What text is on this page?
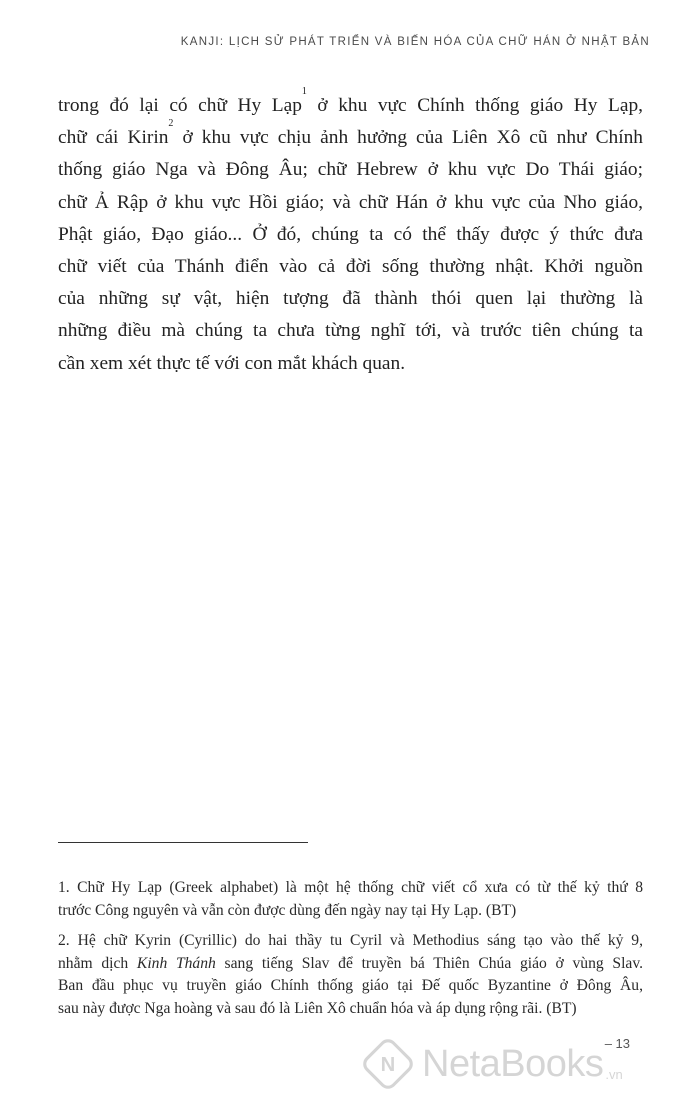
KANJI: LỊCH SỬ PHÁT TRIỂN VÀ BIẾN HÓA CỦA CHỮ HÁN Ở NHẬT BẢN
trong đó lại có chữ Hy Lạp$^1$ ở khu vực Chính thống giáo Hy Lạp,
chữ cái Kirin$^2$ ở khu vực chịu ảnh hưởng của Liên Xô cũ như Chính
thống giáo Nga và Đông Âu; chữ Hebrew ở khu vực Do Thái giáo;
chữ Ả Rập ở khu vực Hồi giáo; và chữ Hán ở khu vực của Nho giáo,
Phật giáo, Đạo giáo... Ở đó, chúng ta có thể thấy được ý thức đưa
chữ viết của Thánh điển vào cả đời sống thường nhật. Khởi nguồn
của những sự vật, hiện tượng đã thành thói quen lại thường là
những điều mà chúng ta chưa từng nghĩ tới, và trước tiên chúng ta
cần xem xét thực tế với con mắt khách quan.
1. Chữ Hy Lạp (Greek alphabet) là một hệ thống chữ viết cổ xưa có từ thế kỷ thứ 8
trước Công nguyên và vẫn còn được dùng đến ngày nay tại Hy Lạp. (BT)
2. Hệ chữ Kyrin (Cyrillic) do hai thầy tu Cyril và Methodius sáng tạo vào thế kỷ 9,
nhằm dịch Kinh Thánh sang tiếng Slav để truyền bá Thiên Chúa giáo ở vùng Slav.
Ban đầu phục vụ truyền giáo Chính thống giáo tại Đế quốc Byzantine ở Đông Âu,
sau này được Nga hoàng và sau đó là Liên Xô chuẩn hóa và áp dụng rộng rãi. (BT)
N NetaBooks .vn
– 13
